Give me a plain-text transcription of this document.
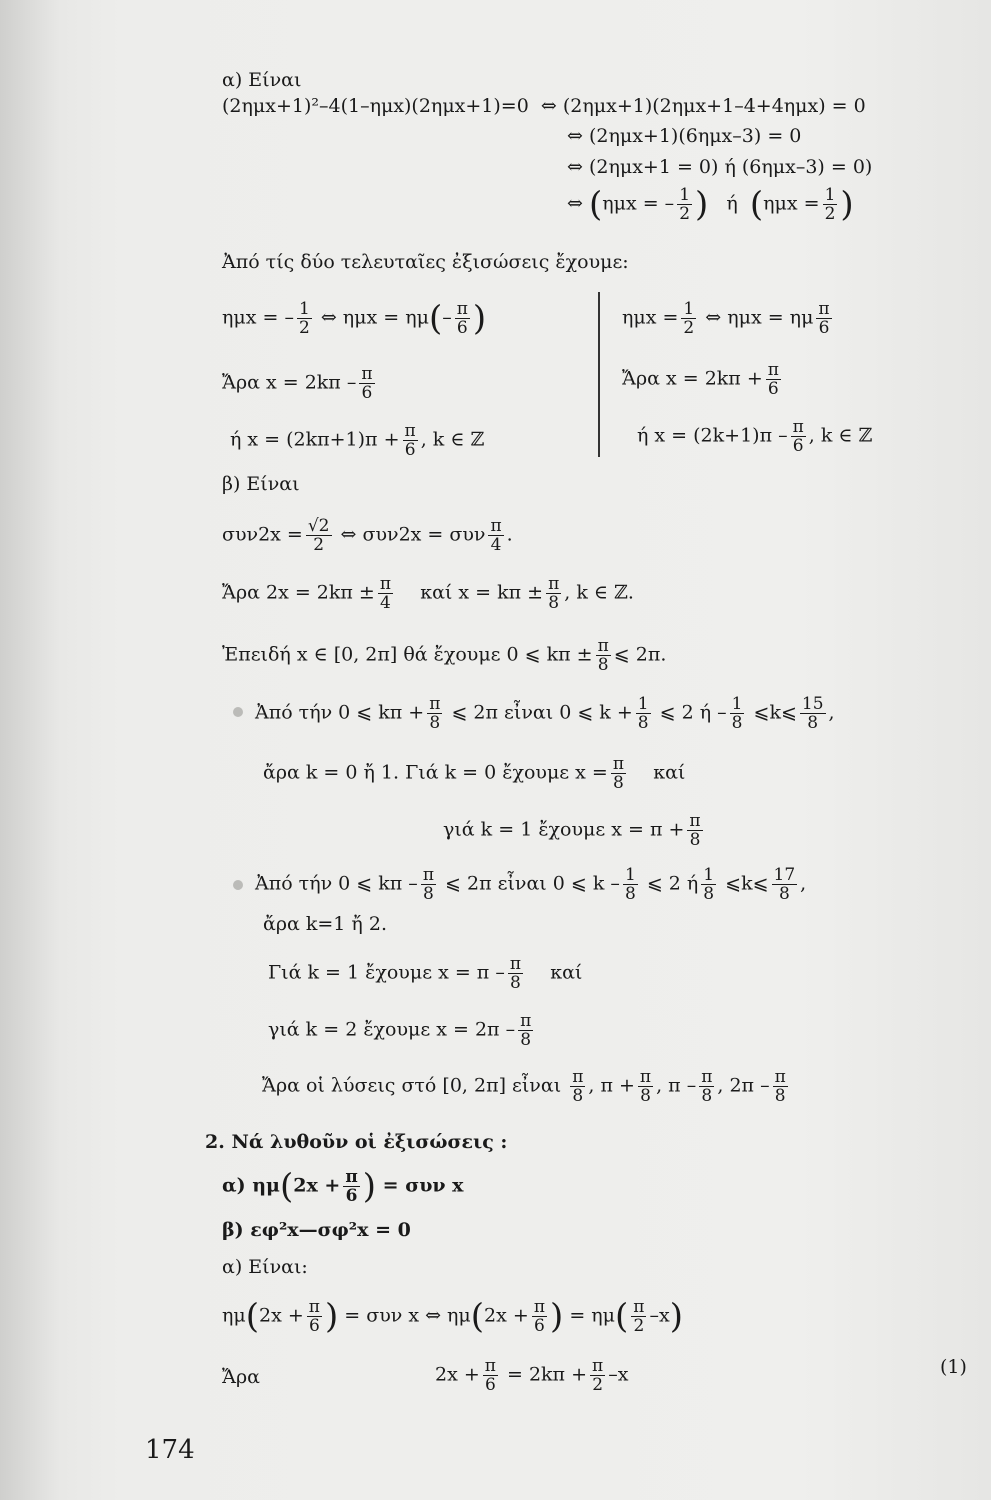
α) Είναι
(2ημx+1)²–4(1–ημx)(2ημx+1)=0 ⇔ (2ημx+1)(2ημx+1–4+4ημx) = 0
⇔ (2ημx+1)(6ημx–3) = 0
⇔ (2ημx+1 = 0) ή (6ημx–3) = 0)
⇔ (ημx = – $\frac{1}{2}$ ) ή ($\eta\mu x = \frac{1}{2}$ )
Ἀπό τίς δύο τελευταῖες ἐξισώσεις ἔχουμε:
ημx = – $\frac{1}{2}$ ⇔ $\eta\mu x = \eta\mu(- \frac{\pi}{6}$ )
Ἄρα $x = 2k\pi - \frac{\pi}{6}$
ή $x = (2k\pi+1)\pi + \frac{\pi}{6}$ , k ∈ ℤ
$\eta\mu x = \frac{1}{2}$ ⇔ ημx = ημ $\frac{\pi}{6}$
Ἄρα $x = 2k\pi + \frac{\pi}{6}$
ή $x = (2k+1)\pi - \frac{\pi}{6}$ , k ∈ ℤ
β) Είναι
$\sigma\upsilon\nu 2x = \frac{√2}{2}$ ⇔ συν2x = συν $\frac{\pi}{4}$ .
Ἄρα $2x = 2k\pi \pm \frac{\pi}{4}$ καί $x = k\pi \pm \frac{\pi}{8}$ , k ∈ ℤ.
Ἐπειδή x ∈ [0, 2π] θά ἔχουμε 0 ⩽ $k\pi \pm \frac{\pi}{8}$ ⩽ 2π.
Ἀπό τήν 0 ⩽ $k\pi + \frac{\pi}{8}$ ⩽ 2π εἶναι 0 ⩽ $k + \frac{1}{8}$ ⩽ 2 ή – $\frac{1}{8}$ ⩽k⩽ $\frac{15}{8}$ ,
ἄρα k = 0 ἤ 1. Γιά k = 0 ἔχουμε $x = \frac{\pi}{8}$ καί
γιά k = 1 ἔχουμε $x = \pi + \frac{\pi}{8}$
Ἀπό τήν 0 ⩽ kπ – $\frac{\pi}{8}$ ⩽ 2π εἶναι 0 ⩽ k – $\frac{1}{8}$ ⩽ 2 ή $\frac{1}{8}$ ⩽k⩽ $\frac{17}{8}$ ,
ἄρα k=1 ἤ 2.
Γιά k = 1 ἔχουμε $x = \pi - \frac{\pi}{8}$ καί
γιά k = 2 ἔχουμε $x = 2\pi - \frac{\pi}{8}$
Ἄρα οἱ λύσεις στό [0, 2π] εἶναι $\frac{\pi}{8}$ , $\pi + \frac{\pi}{8}$ , π – $\frac{\pi}{8}$ , $2\pi - \frac{\pi}{8}$
2. Νά λυθοῦν οἱ ἐξισώσεις :
α) $\eta\mu(2x + \frac{\pi}{6}$ ) = συν x
β) εφ²x—σφ²x = 0
α) Είναι:
$\eta\mu(2x + \frac{\pi}{6}$ ) = συν x ⇔ $\eta\mu(2x + \frac{\pi}{6}$ ) = $\eta\mu( \frac{\pi}{2} -x)$
Ἄρα	$2x + \frac{\pi}{6} = 2k\pi + \frac{\pi}{2} -x$	(1)
174
